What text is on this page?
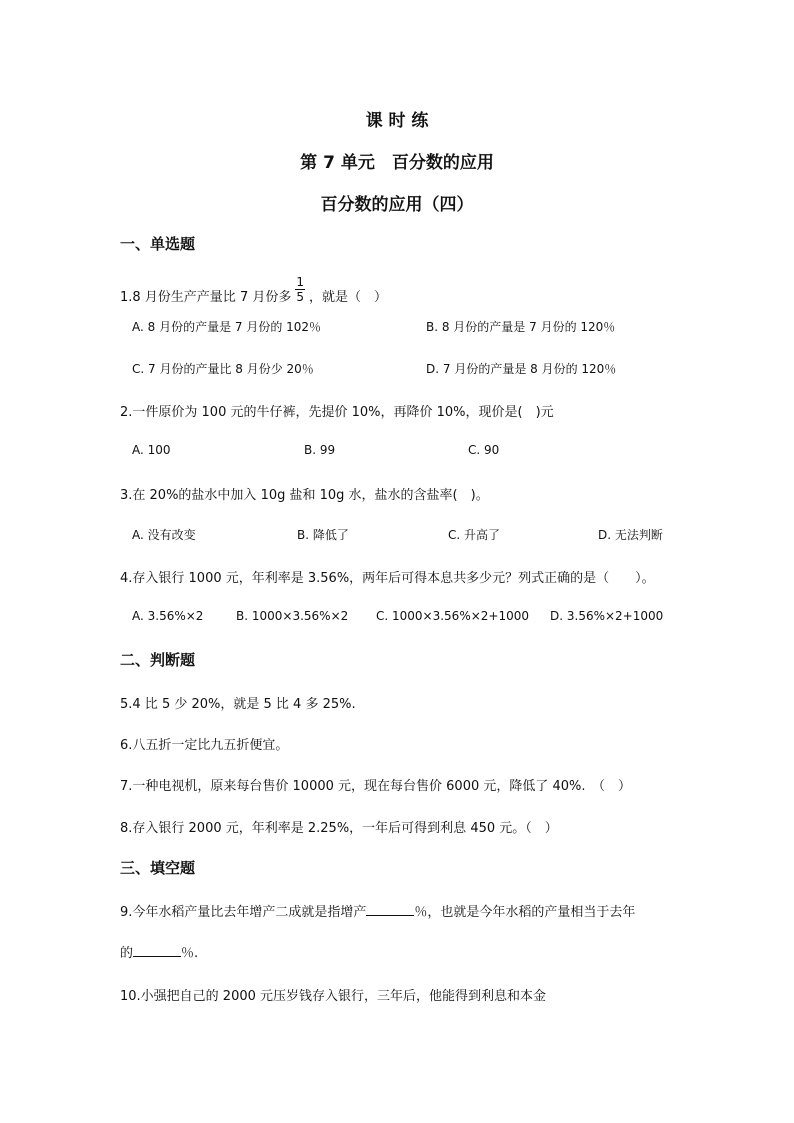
课 时 练
第 7 单元　百分数的应用
百分数的应用（四）
一、单选题
1.8 月份生产产量比 7 月份多 $\frac{1}{5}$ ，就是（　）
A. 8 月份的产量是 7 月份的 102％	B. 8 月份的产量是 7 月份的 120％
C. 7 月份的产量比 8 月份少 20％	D. 7 月份的产量是 8 月份的 120％
2.一件原价为 100 元的牛仔裤，先提价 10%，再降价 10%，现价是(　)元
A. 100	B. 99	C. 90
3.在 20%的盐水中加入 10g 盐和 10g 水，盐水的含盐率(　)。
A. 没有改变	B. 降低了	C. 升高了	D. 无法判断
4.存入银行 1000 元，年利率是 3.56%，两年后可得本息共多少元？列式正确的是（　　）。
A. 3.56%×2	B. 1000×3.56%×2 C. 1000×3.56%×2+1000 D. 3.56%×2+1000
二、判断题
5.4 比 5 少 20%，就是 5 比 4 多 25%.
6.八五折一定比九五折便宜。
7.一种电视机，原来每台售价 10000 元，现在每台售价 6000 元，降低了 40%.　（　）
8.存入银行 2000 元，年利率是 2.25%，一年后可得到利息 450 元。（　）
三、填空题
9.今年水稻产量比去年增产二成就是指增产	％，也就是今年水稻的产量相当于去年
的	％.
10.小强把自己的 2000 元压岁钱存入银行，三年后，他能得到利息和本金
